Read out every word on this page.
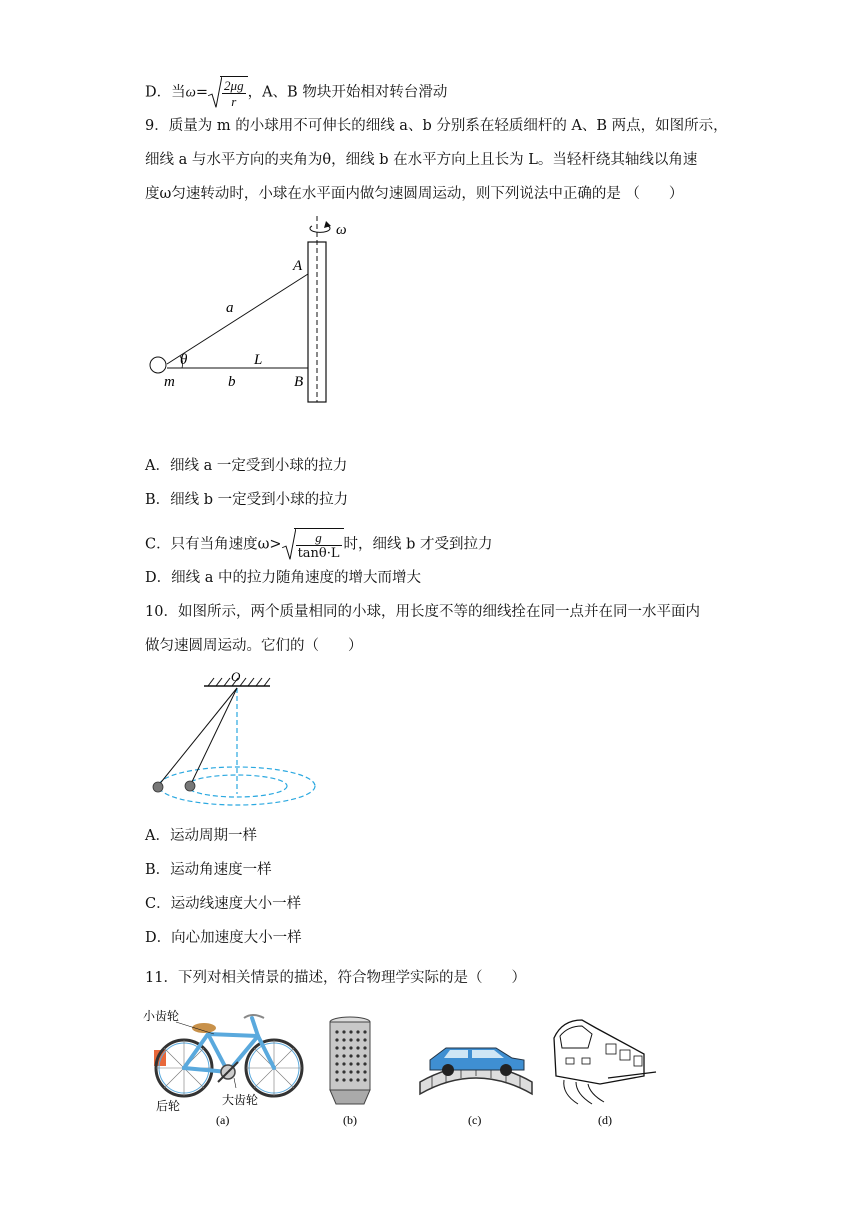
D．当$\omega= \frac{2\mu g}{r}$ ，A、B 物块开始相对转台滑动
9．质量为 m 的小球用不可伸长的细线 a、b 分别系在轻质细杆的 A、B 两点，如图所示，
细线 a 与水平方向的夹角为θ，细线 b 在水平方向上且长为 L。当轻杆绕其轴线以角速
度ω匀速转动时，小球在水平面内做匀速圆周运动，则下列说法中正确的是 （　　）
ω
A
a
θ	L
m	b	B
A．细线 a 一定受到小球的拉力
B．细线 b 一定受到小球的拉力
C．只有当角速度$\omega> \frac{g}{\tan\theta\cdot L}$ 时，细线 b 才受到拉力
D．细线 a 中的拉力随角速度的增大而增大
10．如图所示，两个质量相同的小球，用长度不等的细线拴在同一点并在同一水平面内
做匀速圆周运动。它们的（　　）
O
A．运动周期一样
B．运动角速度一样
C．运动线速度大小一样
D．向心加速度大小一样
11．下列对相关情景的描述，符合物理学实际的是（　　）
小齿轮
后轮	大齿轮
(a)	(b)	(c)	(d)
